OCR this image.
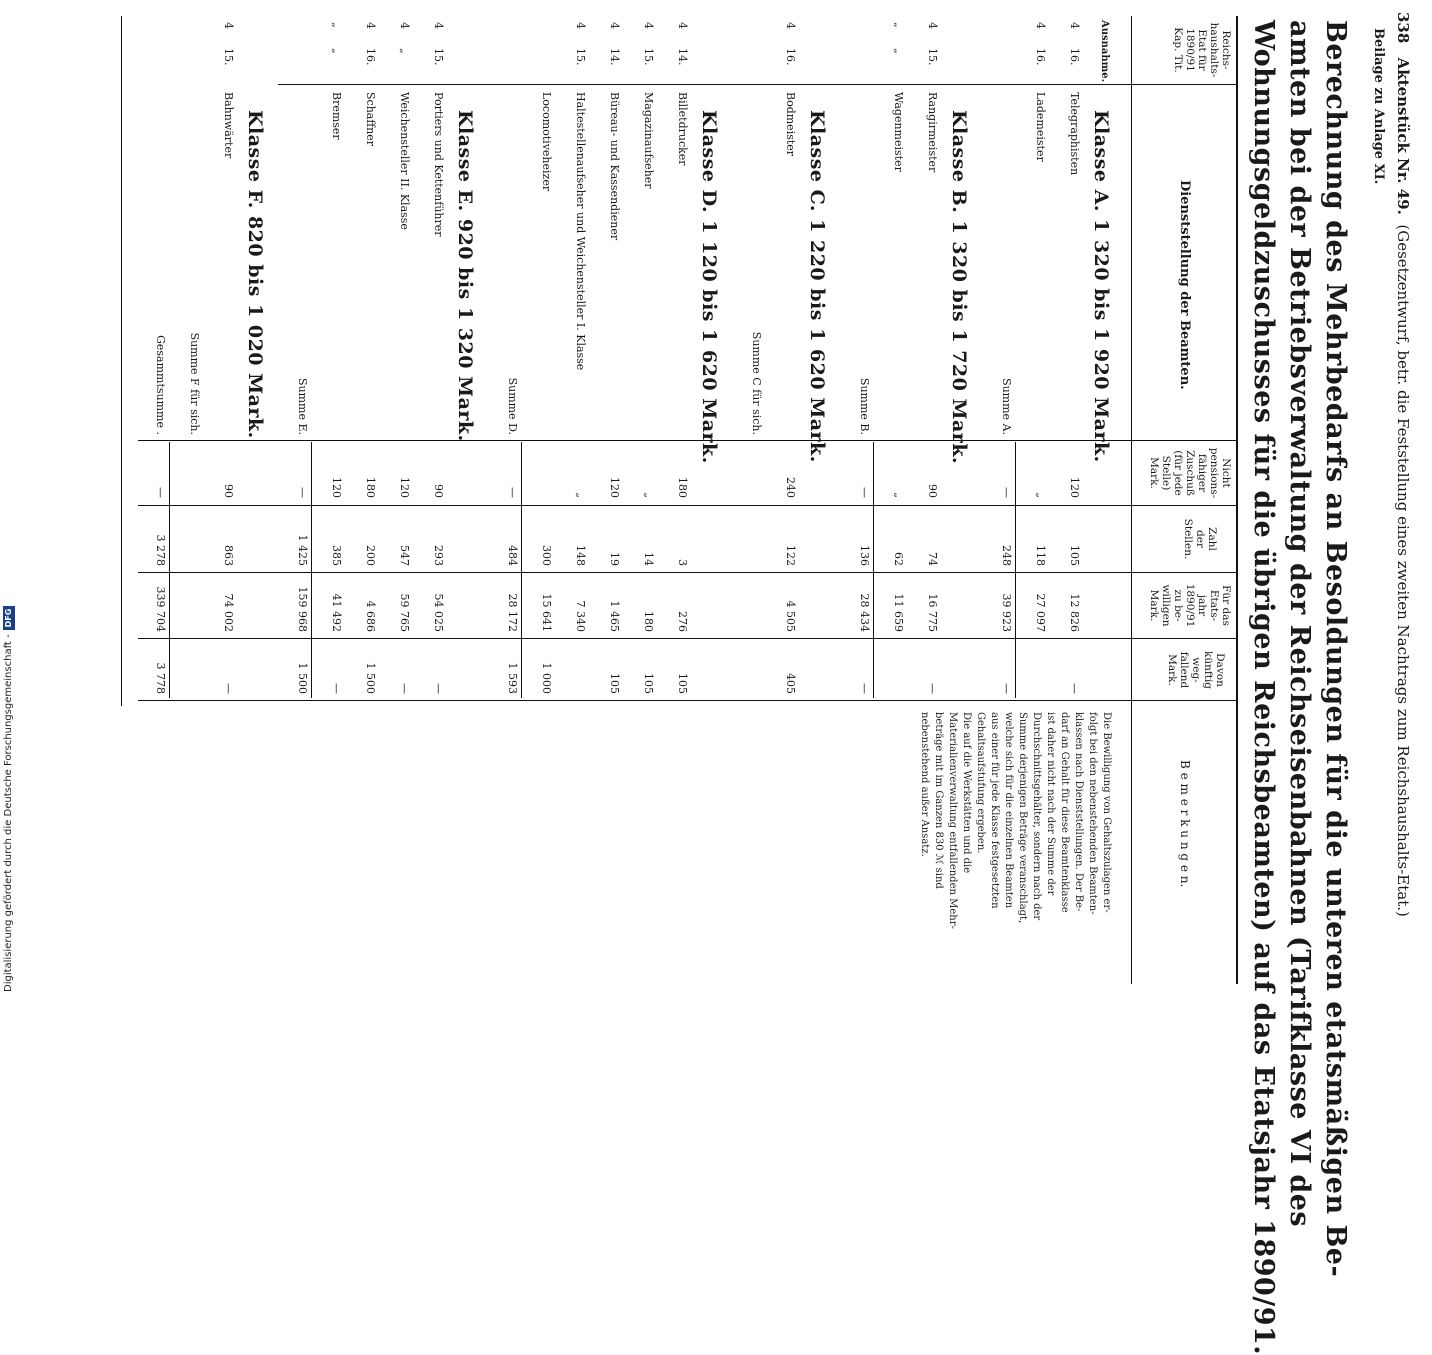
Digitalisierung gefördert durch die Deutsche Forschungsgemeinschaft -
DFG
338   Aktenstück Nr. 49.  (Gesetzentwurf, betr. die Feststellung eines zweiten Nachtrags zum Reichshaushalts-Etat.)
Beilage zu Anlage XI.
Berechnung des Mehrbedarfs an Besoldungen für die unteren etatsmäßigen Be-
amten bei der Betriebsverwaltung der Reichseisenbahnen (Tarifklasse VI des
Wohnungsgeldzuschusses für die übrigen Reichsbeamten) auf das Etatsjahr 1890/91.
Reichs-
haushalts-
Etat für
1890/91
Kap. Tit.
Dienststellung der Beamten.
Nicht
pensions-
fähiger
Zuschuß
(für jede
Stelle)
Mark.
Zahl
der
Stellen.
Für das
Etats-
jahr
1890/91
zu be-
willigen
Mark.
Davon
künftig
weg-
fallend
Mark.
B e m e r k u n g e n.
Ausnahme.
Klasse A. 1 320 bis 1 920 Mark.
4
16.
Telegraphisten
120
105
12 826
—
4
16.
Lademeister
„
118
27 097
Summe A.
—
248
39 923
—
Klasse B. 1 320 bis 1 720 Mark.
4
15.
Rangirmeister
90
74
16 775
—
„
„
Wagenmeister
„
62
11 659
Summe B.
—
136
28 434
—
Klasse C. 1 220 bis 1 620 Mark.
4
16.
Bodmeister
240
122
4 505
405
Summe C für sich.
Klasse D. 1 120 bis 1 620 Mark.
4
14.
Billetdrucker
180
3
276
105
4
15.
Magazinaufseher
„
14
180
105
4
14.
Büreau- und Kassendiener
120
19
1 465
105
4
15.
Haltestellenaufseher und Weichensteller I. Klasse
„
148
7 340
Locomotiveheizer
300
15 641
1 000
Summe D.
—
484
28 172
1 593
Klasse E. 920 bis 1 320 Mark.
4
15.
Portiers und Kettenführer
90
293
54 025
—
4
„
Weichensteller II. Klasse
120
547
59 765
—
4
16.
Schaffner
180
200
4 686
1 500
„
„
Bremser
120
385
41 492
—
Summe E.
—
1 425
159 968
1 500
Klasse F. 820 bis 1 020 Mark.
4
15.
Bahnwärter
90
863
74 002
—
Summe F für sich.
Gesammtsumme .
—
3 278
339 704
3 778
Die Bewilligung von Gehaltszulagen er-
folgt bei den nebenstehenden Beamten-
klassen nach Dienststellungen. Der Be-
darf an Gehalt für diese Beamtenklasse
ist daher nicht nach der Summe der
Durchschnittsgehälter, sondern nach der
Summe derjenigen Beträge veranschlagt,
welche sich für die einzelnen Beamten
aus einer für jede Klasse festgesetzten
Gehaltsaufstufung ergeben.
Die auf die Werkstätten und die
Materialienverwaltung entfallenden Mehr-
beträge mit im Ganzen 830 ℳ sind
nebenstehend außer Ansatz.
